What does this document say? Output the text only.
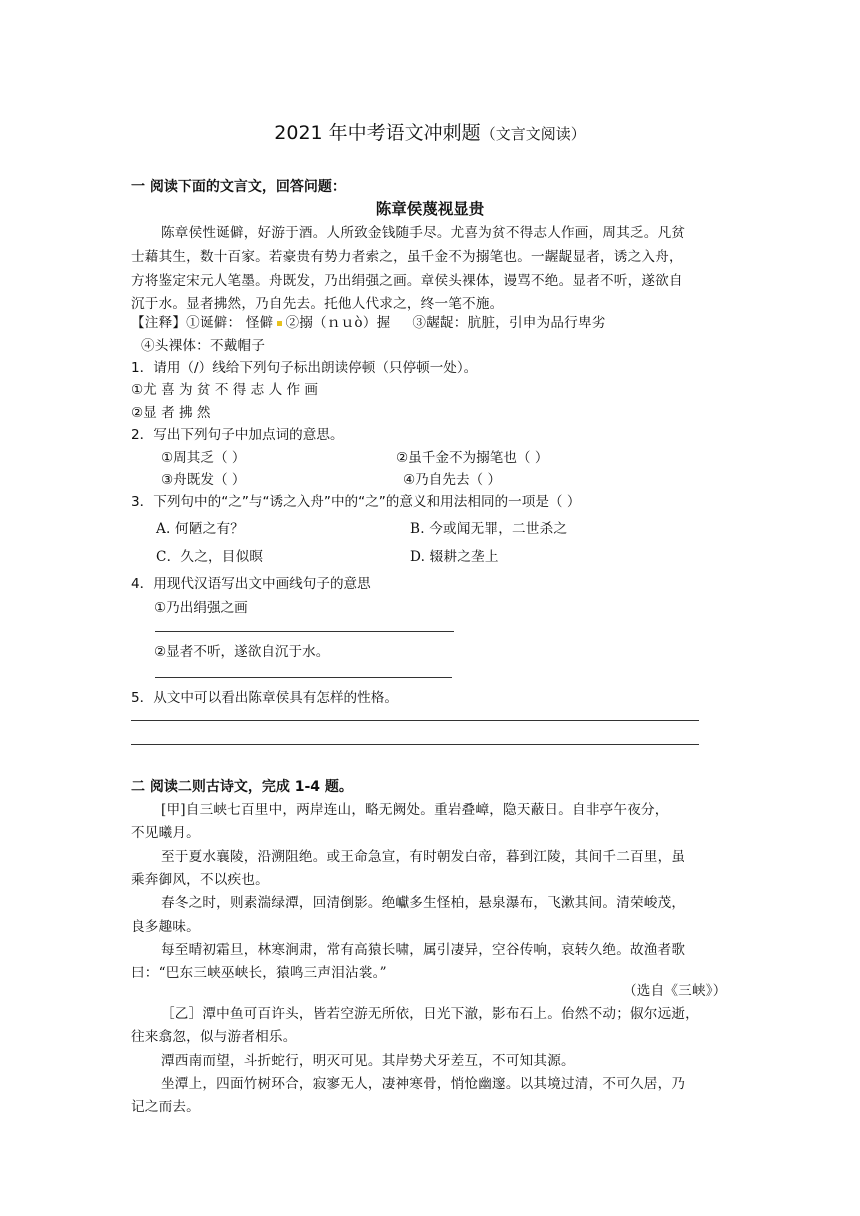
2021 年中考语文冲刺题（文言文阅读）
一 阅读下面的文言文，回答问题：
陈章侯蔑视显贵
陈章侯性诞僻，好游于酒。人所致金钱随手尽。尤喜为贫不得志人作画，周其乏。凡贫
士藉其生，数十百家。若豪贵有势力者索之，虽千金不为搦笔也。一龌龊显者，诱之入舟，
方将鉴定宋元人笔墨。舟既发，乃出绢强之画。章侯头裸体，谩骂不绝。显者不听，遂欲自
沉于水。显者拂然，乃自先去。托他人代求之，终一笔不施。
【注释】①诞僻： 怪僻 ②搦（ｎｕò）握 ③龌龊：肮脏，引申为品行卑劣
④头裸体：不戴帽子
1．请用（/）线给下列句子标出朗读停顿（只停顿一处）。
①尤 喜 为 贫 不 得 志 人 作 画
②显 者 拂 然
2．写出下列句子中加点词的意思。
①周其乏（ ）	②虽千金不为搦笔也（ ）
③舟既发（ ）	④乃自先去（ ）
3．下列句中的“之”与“诱之入舟”中的“之”的意义和用法相同的一项是（ ）
A. 何陋之有？	B. 今或闻无罪，二世杀之
C．久之，目似暝	D. 辍耕之垄上
4．用现代汉语写出文中画线句子的意思
①乃出绢强之画
②显者不听，遂欲自沉于水。
5．从文中可以看出陈章侯具有怎样的性格。
二 阅读二则古诗文，完成 1-4 题。
[甲]自三峡七百里中，两岸连山，略无阙处。重岩叠嶂，隐天蔽日。自非亭午夜分，
不见曦月。
至于夏水襄陵，沿溯阻绝。或王命急宣，有时朝发白帝，暮到江陵，其间千二百里，虽
乘奔御风，不以疾也。
春冬之时，则素湍绿潭，回清倒影。绝巘多生怪柏，悬泉瀑布，飞漱其间。清荣峻茂，
良多趣味。
每至晴初霜旦，林寒涧肃，常有高猿长啸，属引凄异，空谷传响，哀转久绝。故渔者歌
曰：“巴东三峡巫峡长，猿鸣三声泪沾裳。”
（选自《三峡》）
［乙］潭中鱼可百许头，皆若空游无所依，日光下澈，影布石上。佁然不动；俶尔远逝，
往来翕忽，似与游者相乐。
潭西南而望，斗折蛇行，明灭可见。其岸势犬牙差互，不可知其源。
坐潭上，四面竹树环合，寂寥无人，凄神寒骨，悄怆幽邃。以其境过清，不可久居，乃
记之而去。
